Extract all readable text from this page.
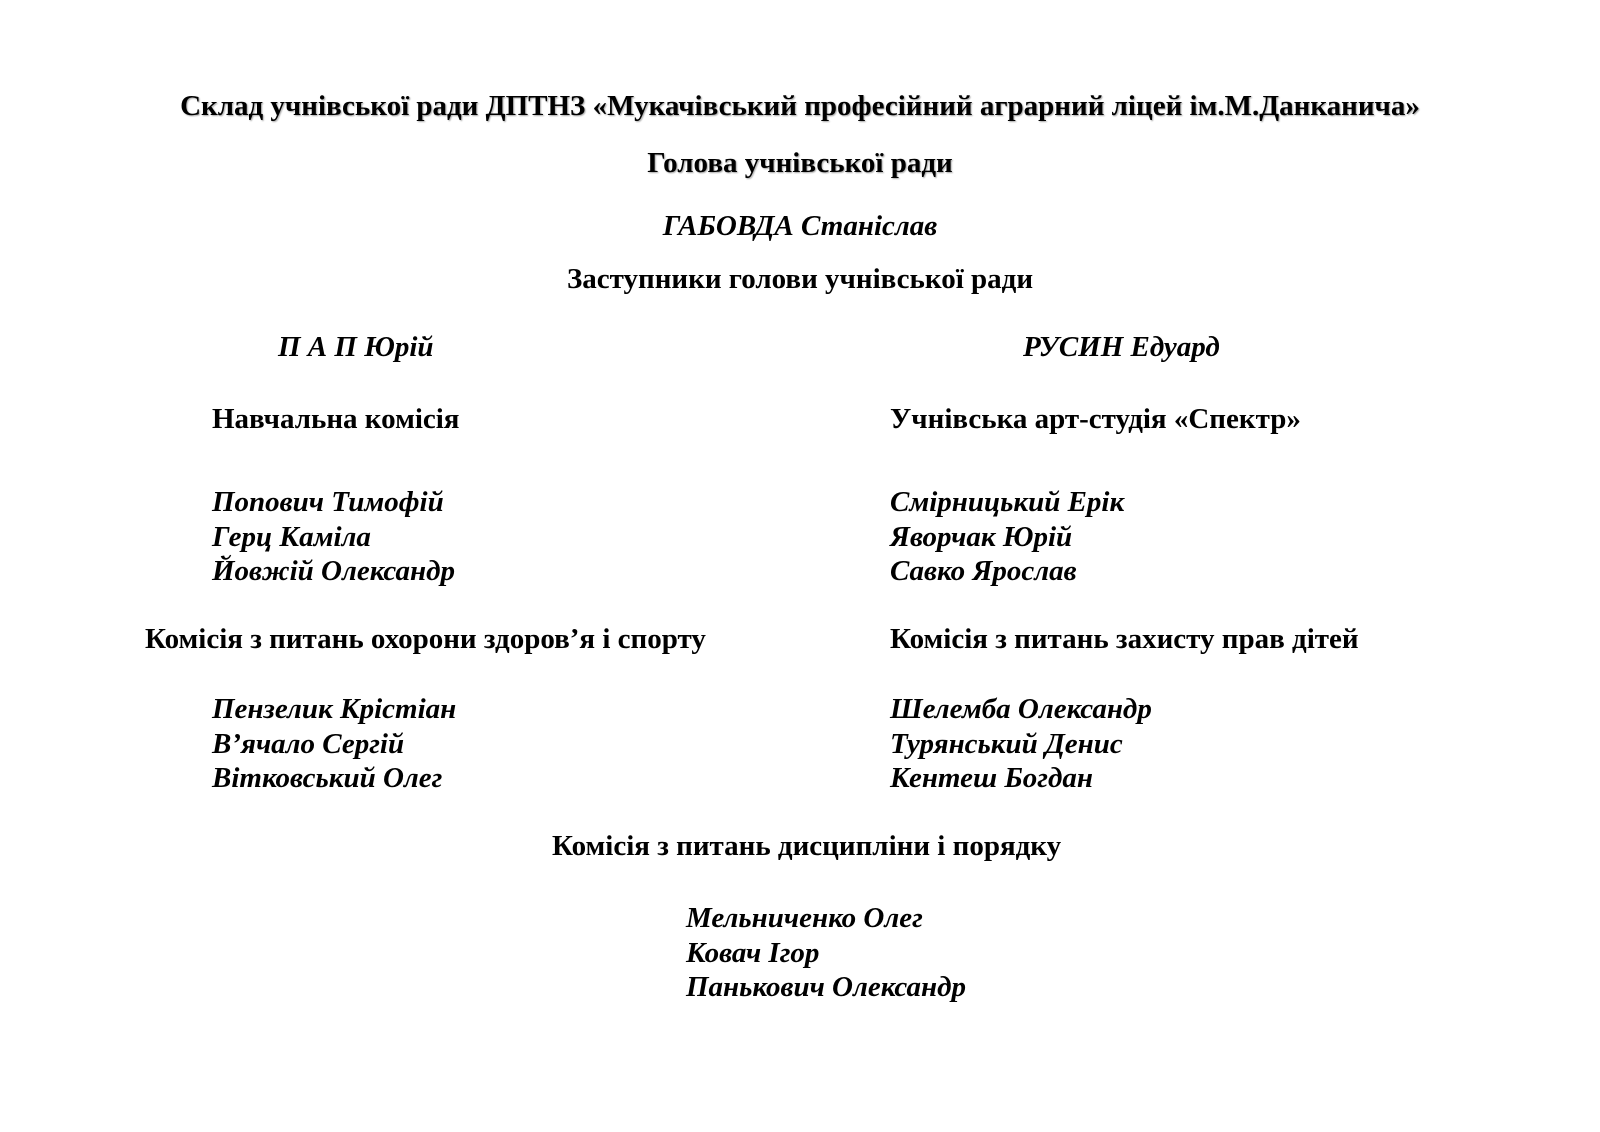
Склад учнівської ради ДПТНЗ «Мукачівський професійний аграрний ліцей ім.М.Данканича»
Голова учнівської ради
ГАБОВДА Станіслав
Заступники голови учнівської ради
П А П Юрій	РУСИН Едуард
Навчальна комісія
Попович Тимофій
Герц Каміла
Йовжій Олександр
Учнівська арт-студія «Спектр»
Смірницький Ерік
Яворчак Юрій
Савко Ярослав
Комісія з питань охорони здоров’я і спорту
Пензелик Крістіан
В’ячало Сергій
Вітковський Олег
Комісія з питань захисту прав дітей
Шелемба Олександр
Турянський Денис
Кентеш Богдан
Комісія з питань дисципліни і порядку
Мельниченко Олег
Ковач Ігор
Панькович Олександр
